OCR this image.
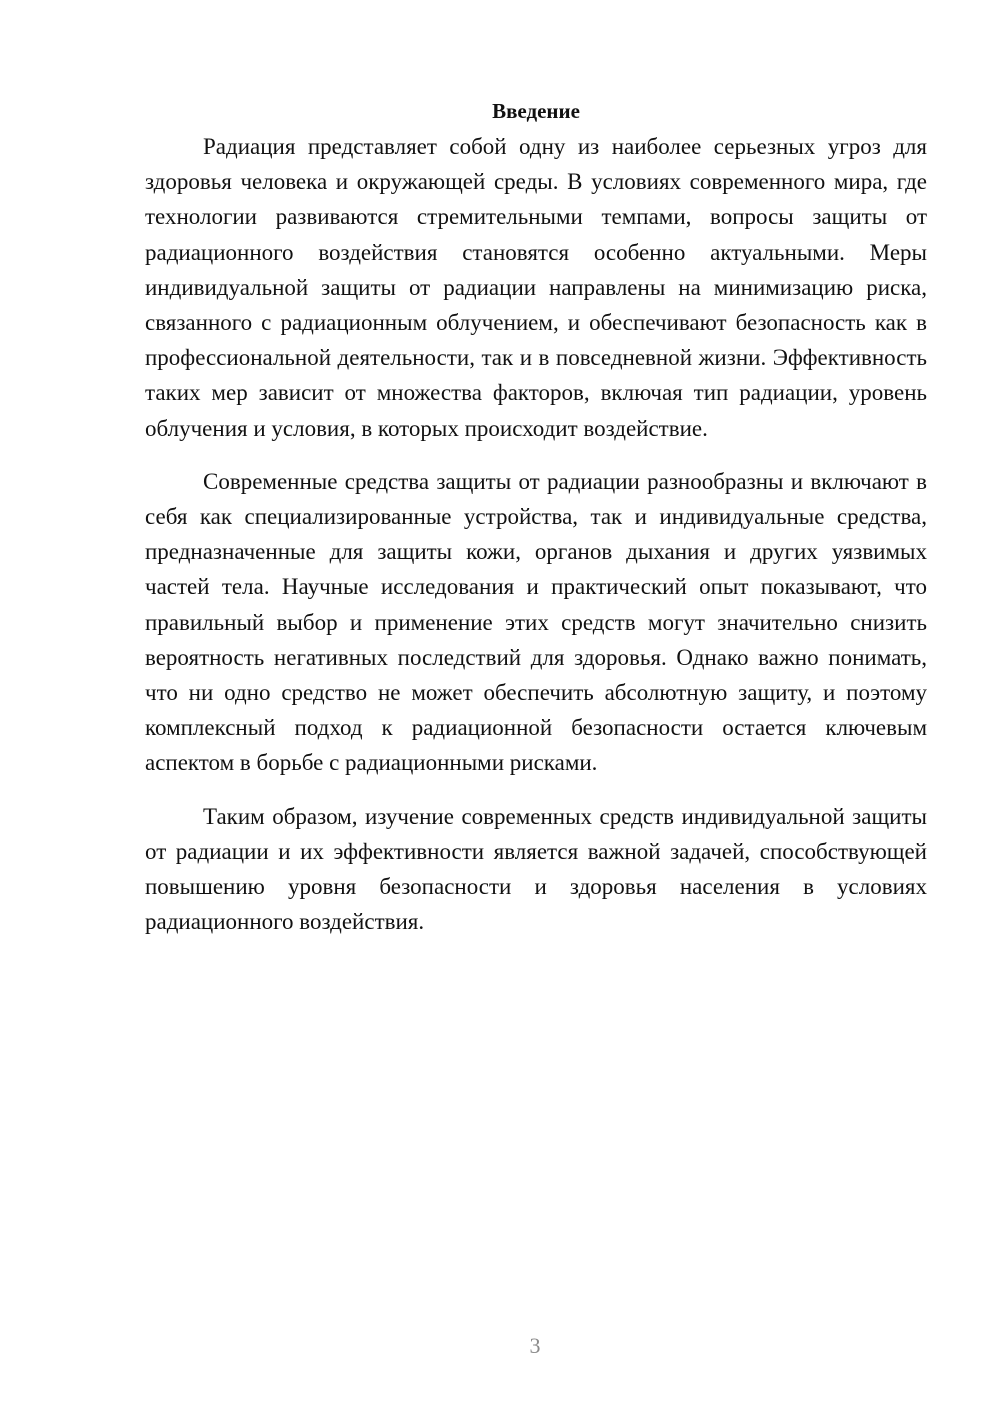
Введение

Радиация представляет собой одну из наиболее серьезных угроз для здоровья человека и окружающей среды. В условиях современного мира, где технологии развиваются стремительными темпами, вопросы защиты от радиационного воздействия становятся особенно актуальными. Меры индивидуальной защиты от радиации направлены на минимизацию риска, связанного с радиационным облучением, и обеспечивают безопасность как в профессиональной деятельности, так и в повседневной жизни. Эффективность таких мер зависит от множества факторов, включая тип радиации, уровень облучения и условия, в которых происходит воздействие.

Современные средства защиты от радиации разнообразны и включают в себя как специализированные устройства, так и индивидуальные средства, предназначенные для защиты кожи, органов дыхания и других уязвимых частей тела. Научные исследования и практический опыт показывают, что правильный выбор и применение этих средств могут значительно снизить вероятность негативных последствий для здоровья. Однако важно понимать, что ни одно средство не может обеспечить абсолютную защиту, и поэтому комплексный подход к радиационной безопасности остается ключевым аспектом в борьбе с радиационными рисками.

Таким образом, изучение современных средств индивидуальной защиты от радиации и их эффективности является важной задачей, способствующей повышению уровня безопасности и здоровья населения в условиях радиационного воздействия.

3
